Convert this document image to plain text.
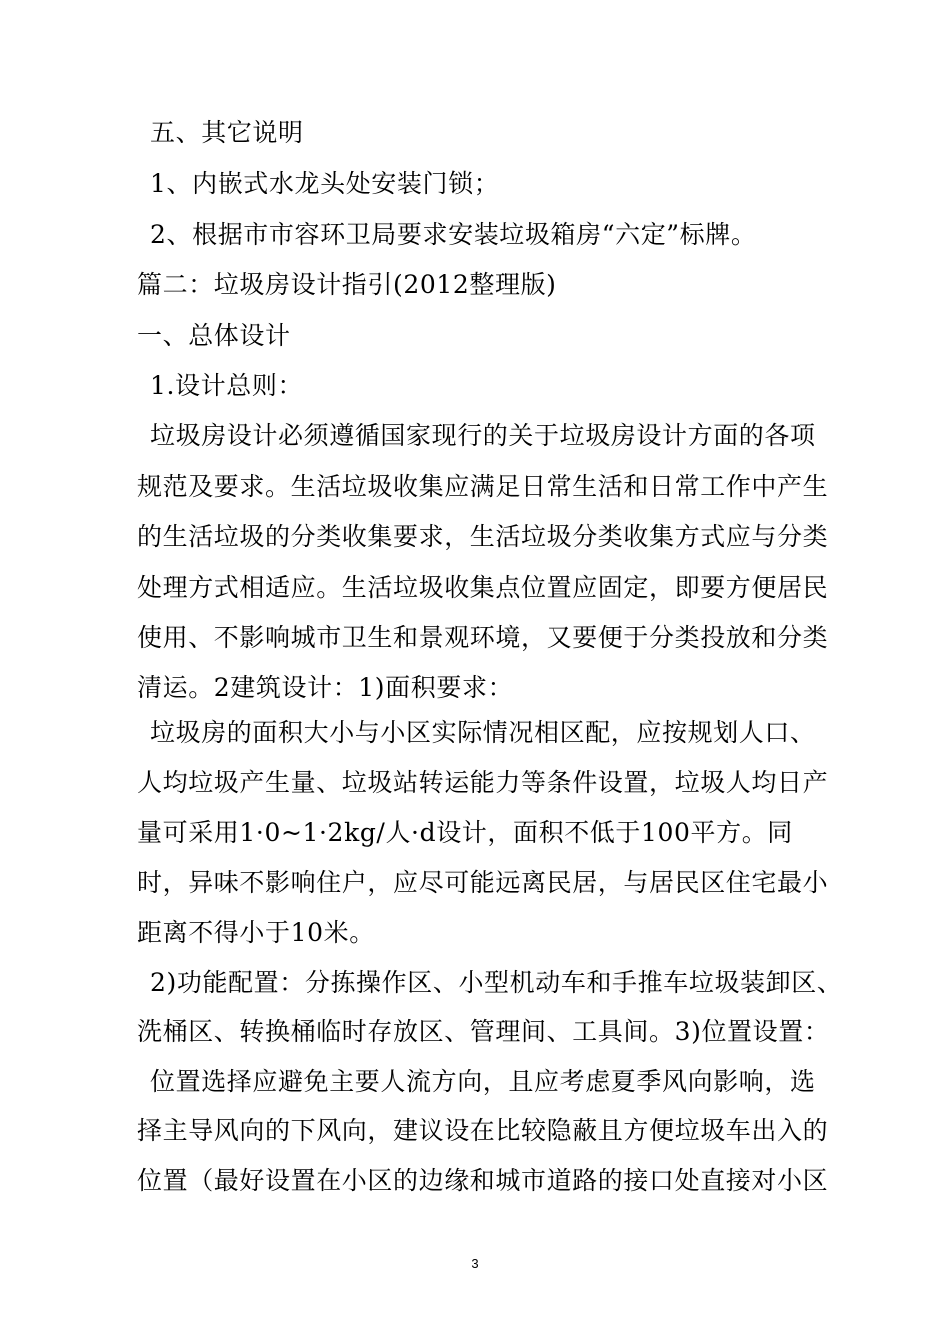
五、其它说明
1、内嵌式水龙头处安装门锁；
2、根据市市容环卫局要求安装垃圾箱房“六定”标牌。
篇二：垃圾房设计指引(2012整理版)
一、总体设计
1.设计总则：
垃圾房设计必须遵循国家现行的关于垃圾房设计方面的各项
规范及要求。生活垃圾收集应满足日常生活和日常工作中产生
的生活垃圾的分类收集要求，生活垃圾分类收集方式应与分类
处理方式相适应。生活垃圾收集点位置应固定，即要方便居民
使用、不影响城市卫生和景观环境，又要便于分类投放和分类
清运。2建筑设计：1)面积要求：
垃圾房的面积大小与小区实际情况相区配，应按规划人口、
人均垃圾产生量、垃圾站转运能力等条件设置，垃圾人均日产
量可采用1·0~1·2kg/人·d设计，面积不低于100平方。同
时，异味不影响住户，应尽可能远离民居，与居民区住宅最小
距离不得小于10米。
2)功能配置：分拣操作区、小型机动车和手推车垃圾装卸区、
洗桶区、转换桶临时存放区、管理间、工具间。3)位置设置：
位置选择应避免主要人流方向，且应考虑夏季风向影响，选
择主导风向的下风向，建议设在比较隐蔽且方便垃圾车出入的
位置（最好设置在小区的边缘和城市道路的接口处直接对小区
3
